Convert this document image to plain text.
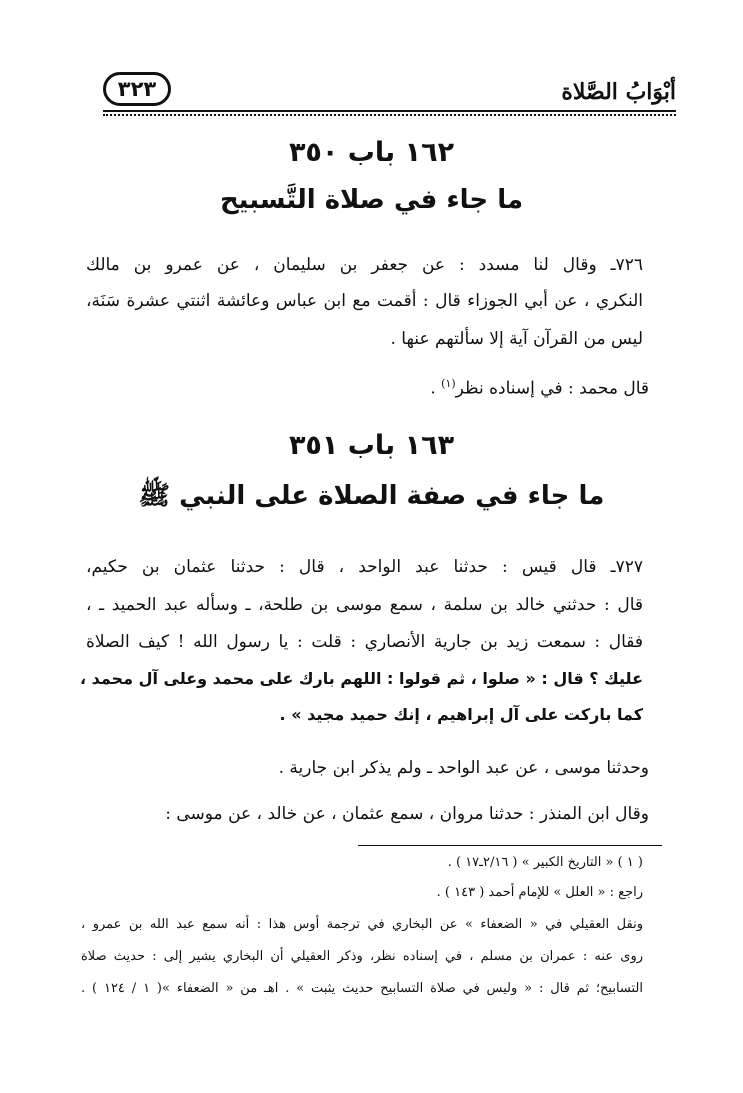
٣٢٣	أبْوَابُ الصَّلاة
١٦٢ باب ٣٥٠
ما جاء في صلاة التَّسبيح
٧٢٦ـ وقال لنا مسدد : عن جعفر بن سليمان ، عن عمرو بن مالك
النكري ، عن أبي الجوزاء قال : أقمت مع ابن عباس وعائشة اثنتي عشرة سَنَة،
ليس من القرآن آية إلا سألتهم عنها .
قال محمد : في إسناده نظر$^{(١)}$ .
١٦٣ باب ٣٥١
ما جاء في صفة الصلاة على النبي ﷺ
٧٢٧ـ قال قيس : حدثنا عبد الواحد ، قال : حدثنا عثمان بن حكيم،
قال : حدثني خالد بن سلمة ، سمع موسى بن طلحة، ـ وسأله عبد الحميد ـ ،
فقال : سمعت زيد بن جارية الأنصاري : قلت : يا رسول الله ! كيف الصلاة
عليك ؟ قال : « صلوا ، ثم قولوا : اللهم بارك على محمد وعلى آل محمد ،
كما باركت على آل إبراهيم ، إنك حميد مجيد » .
وحدثنا موسى ، عن عبد الواحد ـ ولم يذكر ابن جارية .
وقال ابن المنذر : حدثنا مروان ، سمع عثمان ، عن خالد ، عن موسى :
( ١ ) « التاريخ الكبير » ( ٢/١٦ـ١٧ ) .
راجع : « العلل » للإمام أحمد ( ١٤٣ ) .
ونقل العقيلي في « الضعفاء » عن البخاري في ترجمة أوس هذا : أنه سمع عبد الله بن عمرو ،
روى عنه : عمران بن مسلم ، في إسناده نظر، وذكر العقيلي أن البخاري يشير إلى : حديث صلاة
التسابيح؛ ثم قال : « وليس في صلاة التسابيح حديث يثبت » . اهـ من « الضعفاء »( ١ / ١٢٤ ) .
